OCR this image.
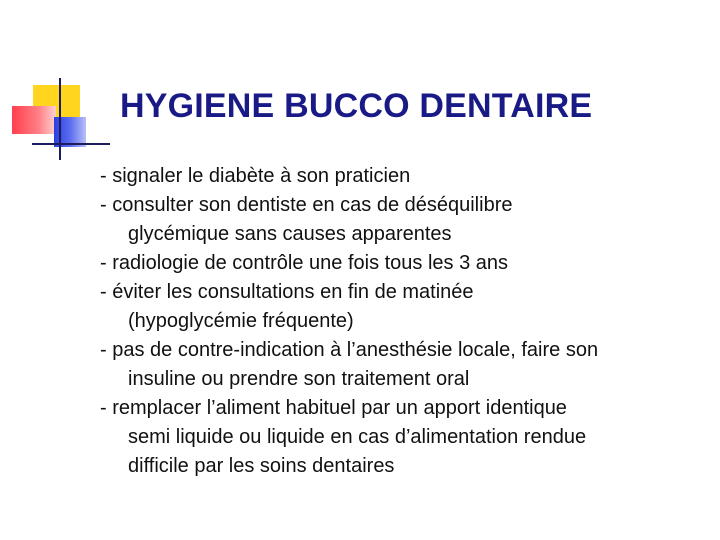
HYGIENE BUCCO DENTAIRE
- signaler le diabète à son praticien
- consulter son dentiste en cas de déséquilibre
glycémique sans causes apparentes
- radiologie de contrôle une fois tous les 3 ans
- éviter les consultations en fin de matinée
(hypoglycémie fréquente)
- pas de contre-indication à l’anesthésie locale, faire son
insuline ou prendre son traitement oral
- remplacer l’aliment habituel par un apport identique
semi liquide ou liquide en cas d’alimentation rendue
difficile par les soins dentaires
